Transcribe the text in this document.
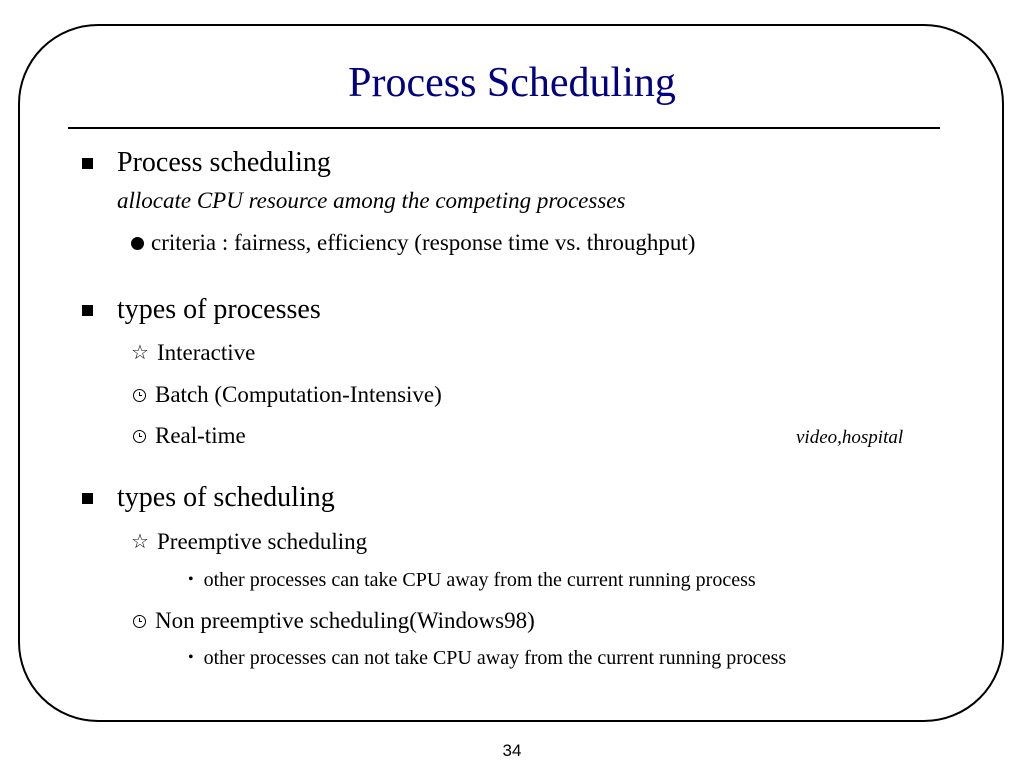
Process Scheduling
Process scheduling
allocate CPU resource among the competing processes
criteria : fairness, efficiency (response time vs. throughput)
types of processes
☆ Interactive
Batch (Computation-Intensive)
Real-time	video,hospital
types of scheduling
☆ Preemptive scheduling
• other processes can take CPU away from the current running process
Non preemptive scheduling(Windows98)
• other processes can not take CPU away from the current running process
34
